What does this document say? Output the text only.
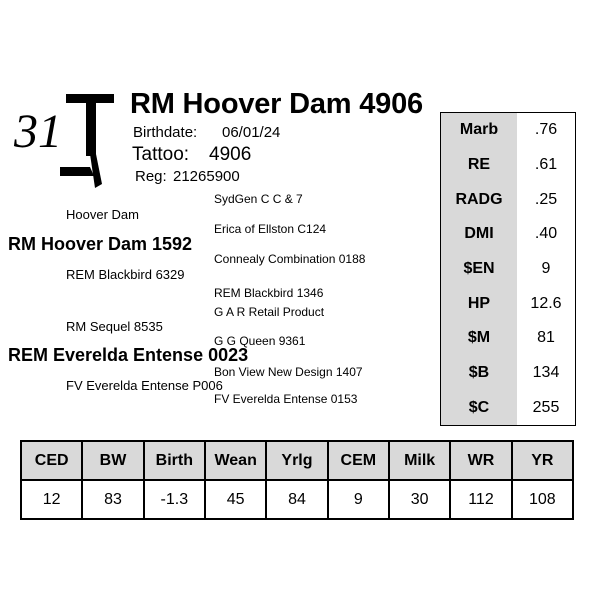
31
RM Hoover Dam 4906
Birthdate: 06/01/24
Tattoo: 4906
Reg: 21265900
SydGen C C & 7
Hoover Dam
Erica of Ellston C124
RM Hoover Dam 1592
Connealy Combination 0188
REM Blackbird 6329
REM Blackbird 1346
G A R Retail Product
RM Sequel 8535
G G Queen 9361
REM Everelda Entense 0023
Bon View New Design 1407
FV Everelda Entense P006
FV Everelda Entense 0153
Marb	.76
RE	.61
RADG	.25
DMI	.40
$EN	9
HP	12.6
$M	81
$B	134
$C	255
CED	BW	Birth	Wean	Yrlg	CEM	Milk	WR	YR
12	83	-1.3	45	84	9	30	112	108
